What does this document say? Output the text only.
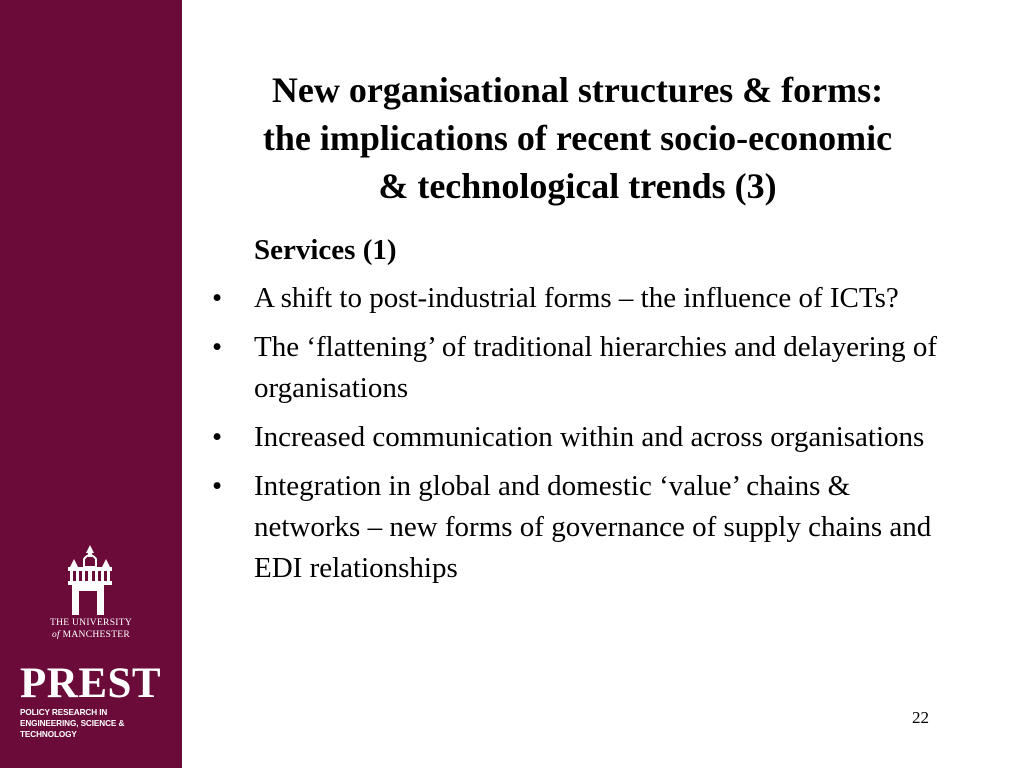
THE UNIVERSITY
of MANCHESTER
PREST
POLICY RESEARCH IN
ENGINEERING, SCIENCE & TECHNOLOGY
New organisational structures & forms:
the implications of recent socio-economic
& technological trends (3)
Services (1)
• A shift to post-industrial forms – the influence of ICTs?
• The ‘flattening’ of traditional hierarchies and delayering of organisations
• Increased communication within and across organisations
• Integration in global and domestic ‘value’ chains & networks – new forms of governance of supply chains and EDI relationships
22
